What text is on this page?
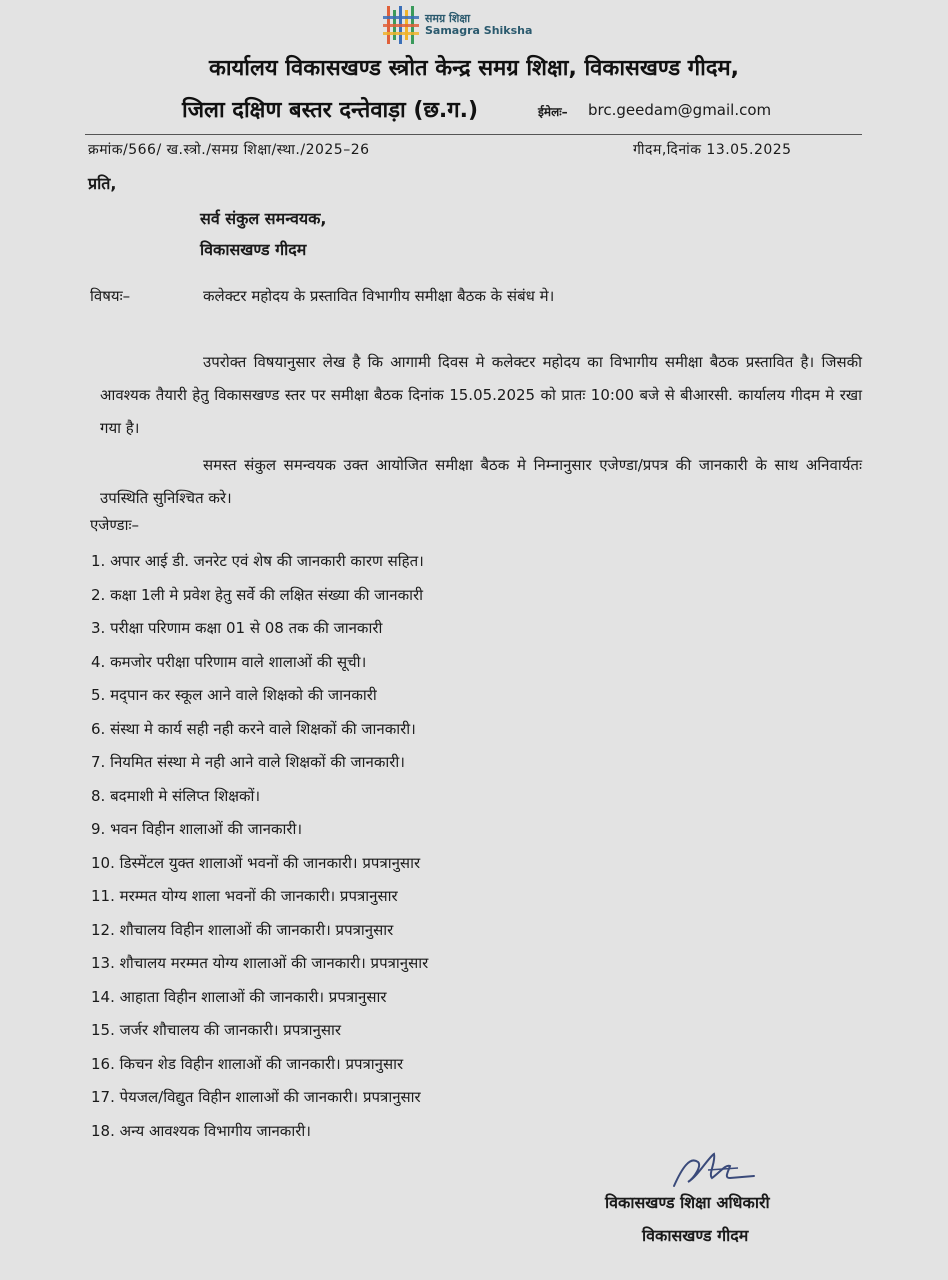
समग्र शिक्षा
Samagra Shiksha
कार्यालय विकासखण्ड स्त्रोत केन्द्र समग्र शिक्षा, विकासखण्ड गीदम,
जिला दक्षिण बस्तर दन्तेवाड़ा (छ.ग.)	ईमेलः– brc.geedam@gmail.com
क्रमांक/566/ ख.स्त्रो./समग्र शिक्षा/स्था./2025–26	गीदम,दिनांक 13.05.2025
प्रति,
सर्व संकुल समन्वयक,
विकासखण्ड गीदम
विषयः–	कलेक्टर महोदय के प्रस्तावित विभागीय समीक्षा बैठक के संबंध मे।
उपरोक्त विषयानुसार लेख है कि आगामी दिवस मे कलेक्टर महोदय का विभागीय समीक्षा बैठक प्रस्तावित है। जिसकी आवश्यक तैयारी हेतु विकासखण्ड स्तर पर समीक्षा बैठक दिनांक 15.05.2025 को प्रातः 10:00 बजे से बीआरसी. कार्यालय गीदम मे रखा गया है।
समस्त संकुल समन्वयक उक्त आयोजित समीक्षा बैठक मे निम्नानुसार एजेण्डा/प्रपत्र की जानकारी के साथ अनिवार्यतः उपस्थिति सुनिश्चित करे।
एजेण्डाः–
1. अपार आई डी. जनरेट एवं शेष की जानकारी कारण सहित।
2. कक्षा 1ली मे प्रवेश हेतु सर्वे की लक्षित संख्या की जानकारी
3. परीक्षा परिणाम कक्षा 01 से 08 तक की जानकारी
4. कमजोर परीक्षा परिणाम वाले शालाओं की सूची।
5. मद्पान कर स्कूल आने वाले शिक्षको की जानकारी
6. संस्था मे कार्य सही नही करने वाले शिक्षकों की जानकारी।
7. नियमित संस्था मे नही आने वाले शिक्षकों की जानकारी।
8. बदमाशी मे संलिप्त शिक्षकों।
9. भवन विहीन शालाओं की जानकारी।
10. डिस्मेंटल युक्त शालाओं भवनों की जानकारी। प्रपत्रानुसार
11. मरम्मत योग्य शाला भवनों की जानकारी। प्रपत्रानुसार
12. शौचालय विहीन शालाओं की जानकारी। प्रपत्रानुसार
13. शौचालय मरम्मत योग्य शालाओं की जानकारी। प्रपत्रानुसार
14. आहाता विहीन शालाओं की जानकारी। प्रपत्रानुसार
15. जर्जर शौचालय की जानकारी। प्रपत्रानुसार
16. किचन शेड विहीन शालाओं की जानकारी। प्रपत्रानुसार
17. पेयजल/विद्युत विहीन शालाओं की जानकारी। प्रपत्रानुसार
18. अन्य आवश्यक विभागीय जानकारी।
विकासखण्ड शिक्षा अधिकारी
विकासखण्ड गीदम
